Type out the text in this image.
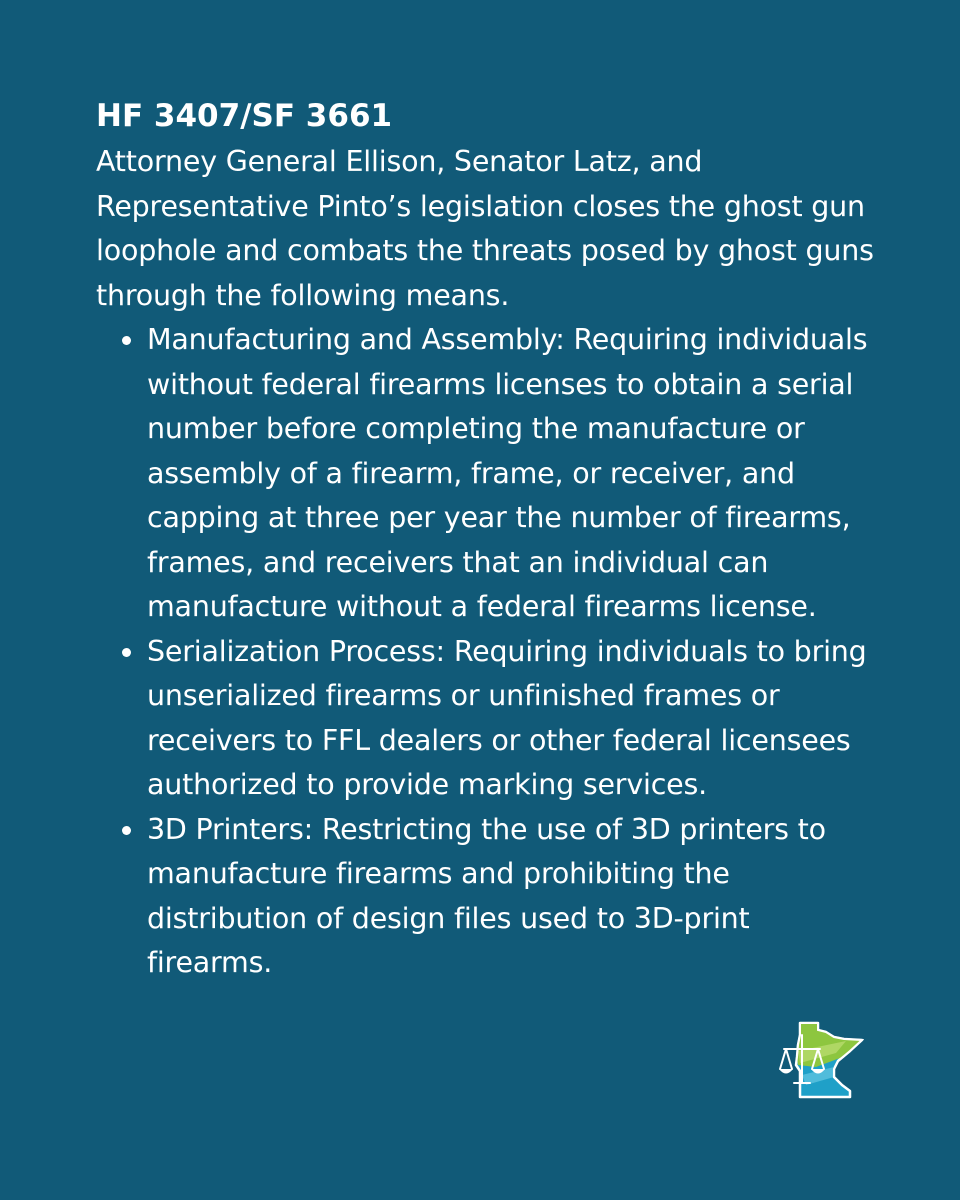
HF 3407/SF 3661

Attorney General Ellison, Senator Latz, and Representative Pinto’s legislation closes the ghost gun loophole and combats the threats posed by ghost guns through the following means.

Manufacturing and Assembly: Requiring individuals without federal firearms licenses to obtain a serial number before completing the manufacture or assembly of a firearm, frame, or receiver, and capping at three per year the number of firearms, frames, and receivers that an individual can manufacture without a federal firearms license.
Serialization Process: Requiring individuals to bring unserialized firearms or unfinished frames or receivers to FFL dealers or other federal licensees authorized to provide marking services.
3D Printers: Restricting the use of 3D printers to manufacture firearms and prohibiting the distribution of design files used to 3D-print firearms.
